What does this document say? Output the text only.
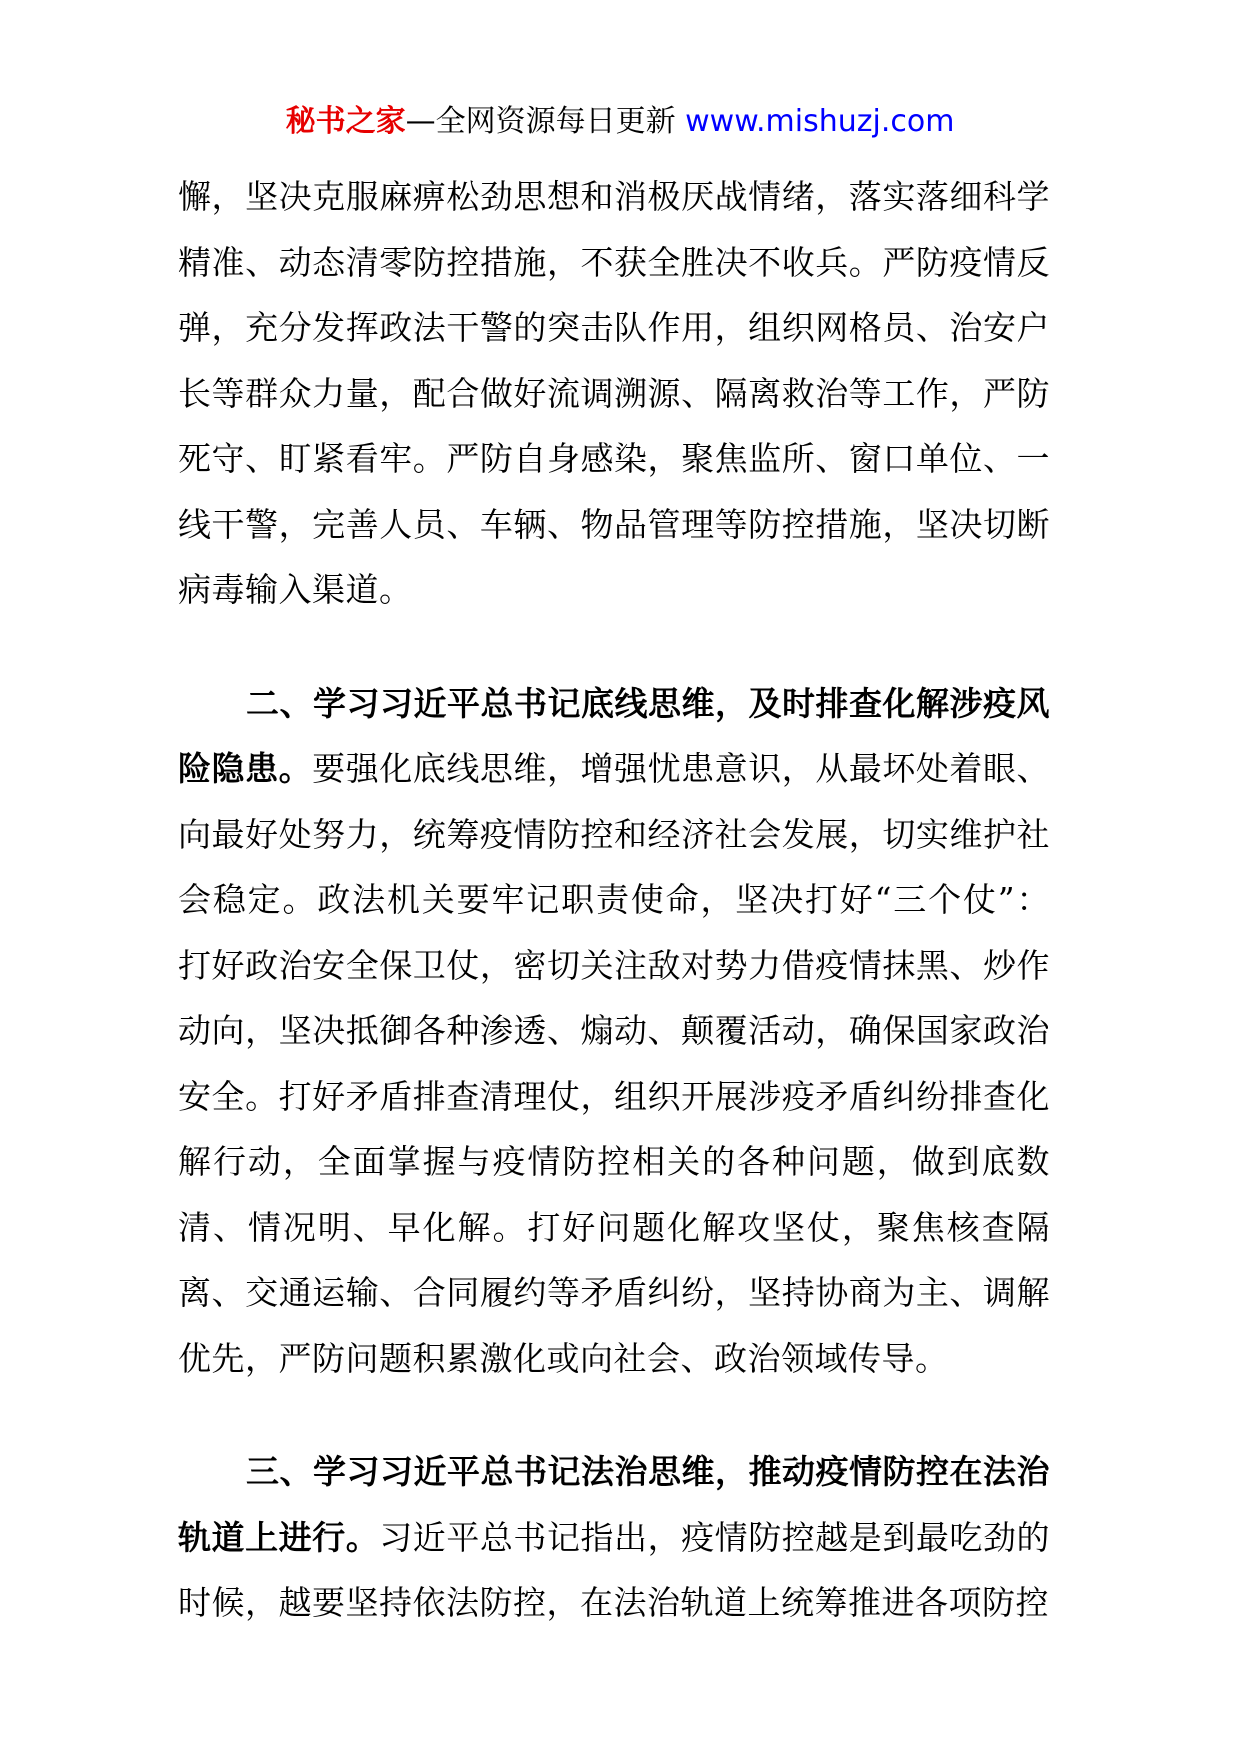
秘书之家—全网资源每日更新 www.mishuzj.com

懈，坚决克服麻痹松劲思想和消极厌战情绪，落实落细科学精准、动态清零防控措施，不获全胜决不收兵。严防疫情反弹，充分发挥政法干警的突击队作用，组织网格员、治安户长等群众力量，配合做好流调溯源、隔离救治等工作，严防死守、盯紧看牢。严防自身感染，聚焦监所、窗口单位、一线干警，完善人员、车辆、物品管理等防控措施，坚决切断病毒输入渠道。

二、学习习近平总书记底线思维，及时排查化解涉疫风险隐患。要强化底线思维，增强忧患意识，从最坏处着眼、向最好处努力，统筹疫情防控和经济社会发展，切实维护社会稳定。政法机关要牢记职责使命，坚决打好“三个仗”：打好政治安全保卫仗，密切关注敌对势力借疫情抹黑、炒作动向，坚决抵御各种渗透、煽动、颠覆活动，确保国家政治安全。打好矛盾排查清理仗，组织开展涉疫矛盾纠纷排查化解行动，全面掌握与疫情防控相关的各种问题，做到底数清、情况明、早化解。打好问题化解攻坚仗，聚焦核查隔离、交通运输、合同履约等矛盾纠纷，坚持协商为主、调解优先，严防问题积累激化或向社会、政治领域传导。

三、学习习近平总书记法治思维，推动疫情防控在法治轨道上进行。习近平总书记指出，疫情防控越是到最吃劲的时候，越要坚持依法防控，在法治轨道上统筹推进各项防控
